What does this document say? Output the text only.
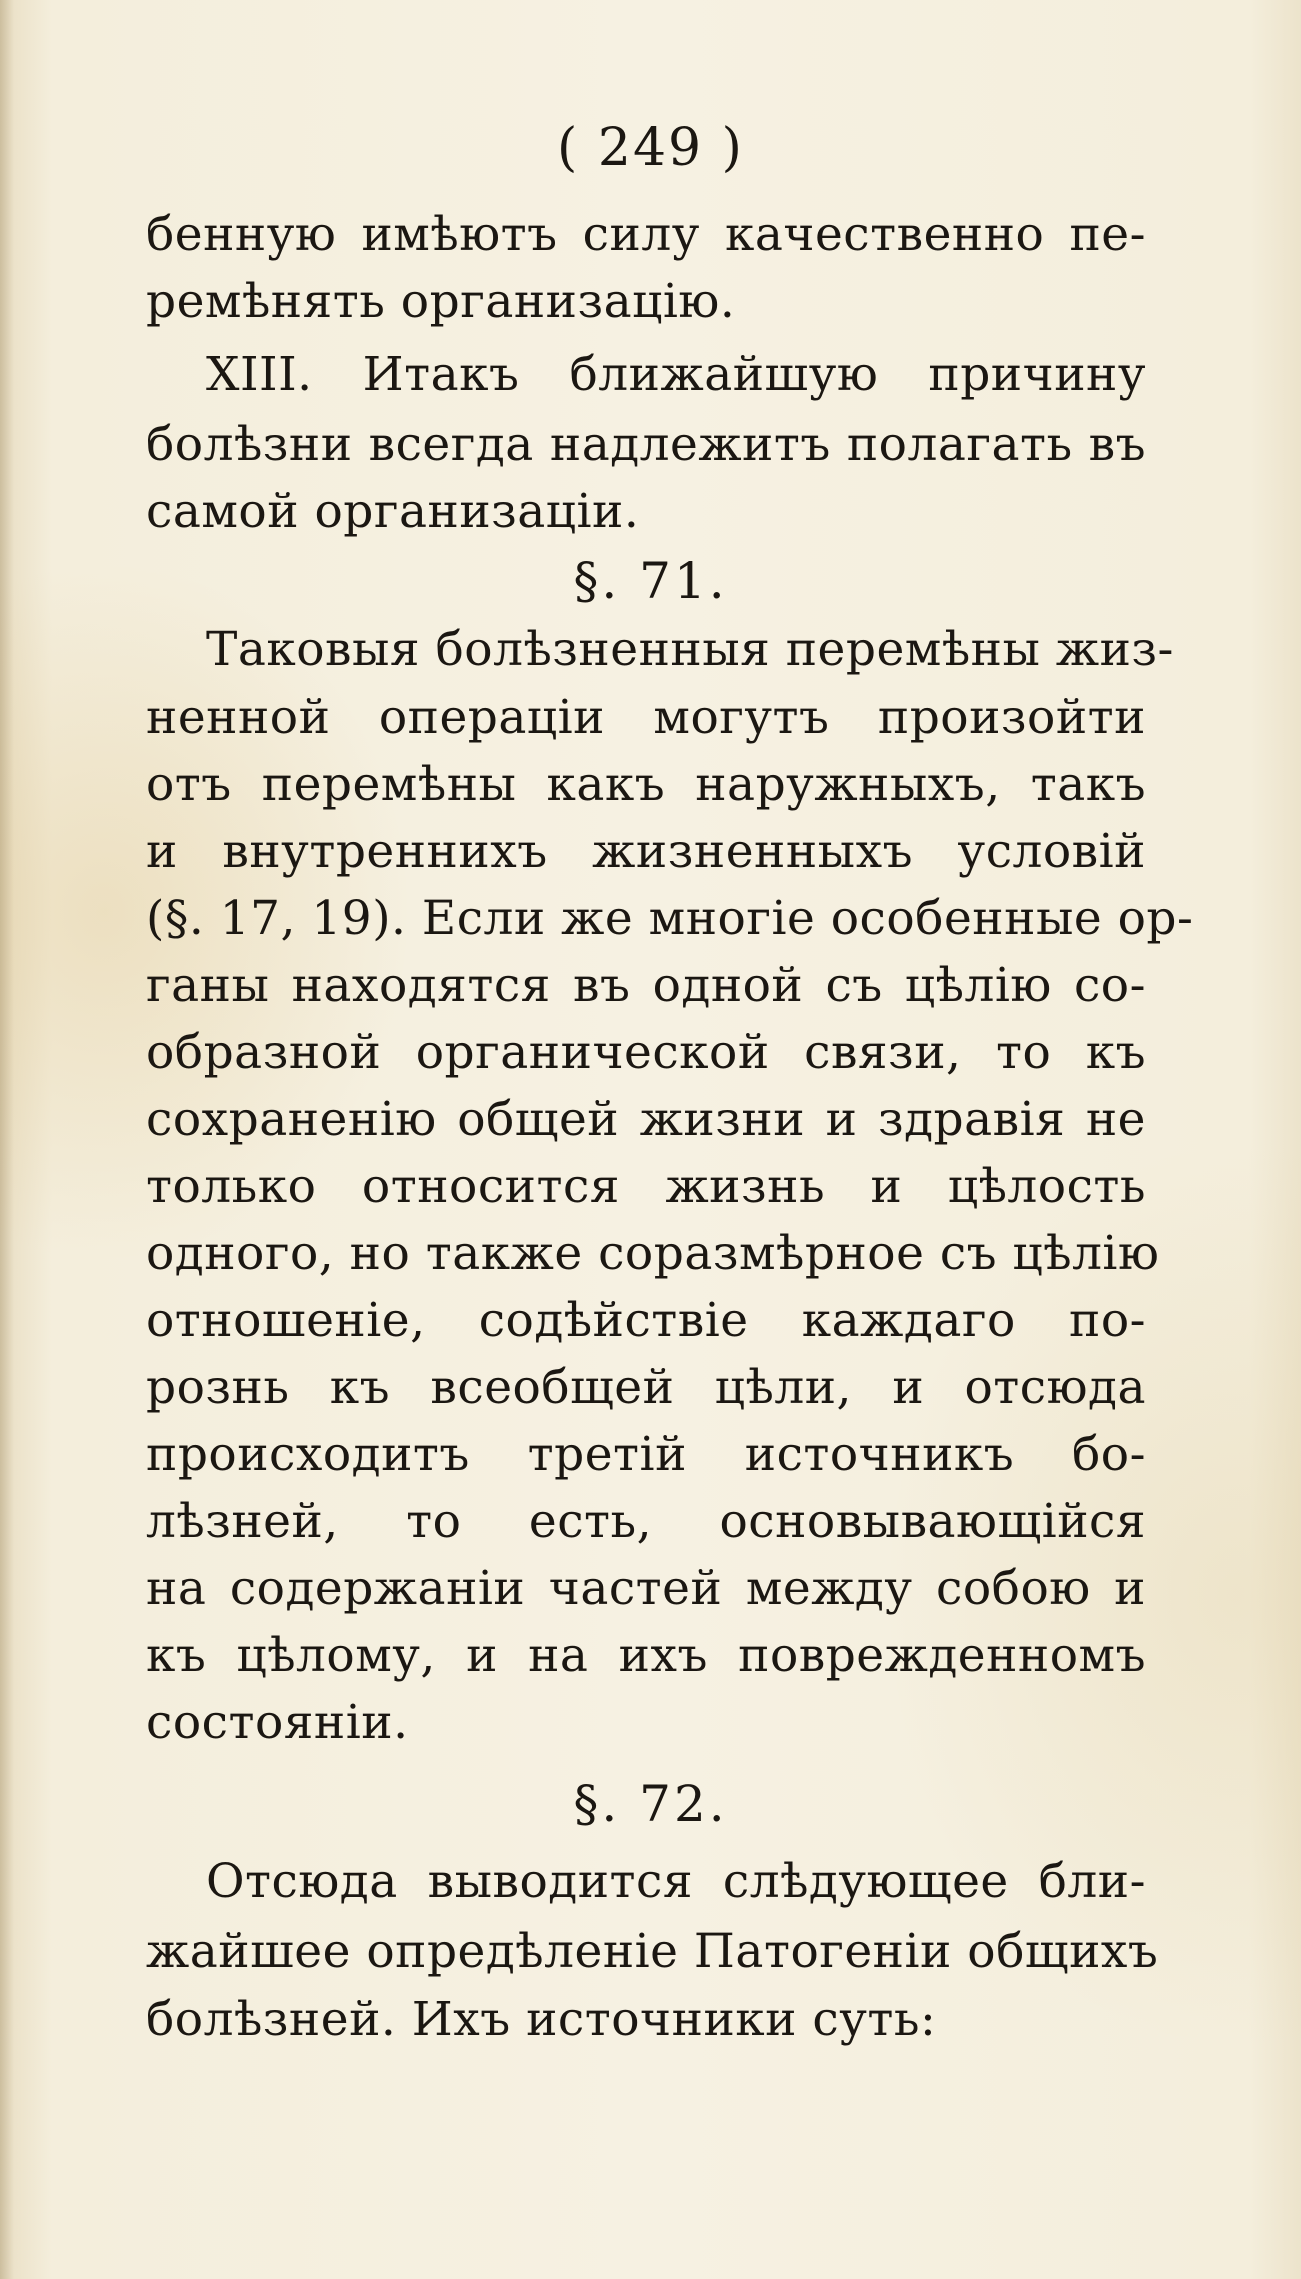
( 249 )
бенную имѣютъ силу качественно пе-
ремѣнять организацію.
XIII. Итакъ ближайшую причину
болѣзни всегда надлежитъ полагать въ
самой организаціи.
§. 71.
Таковыя болѣзненныя перемѣны жиз-
ненной операціи могутъ произойти
отъ перемѣны какъ наружныхъ, такъ
и внутреннихъ жизненныхъ условій
(§. 17, 19). Если же многіе особенные ор-
ганы находятся въ одной съ цѣлію со-
образной органической связи, то къ
сохраненію общей жизни и здравія не
только относится жизнь и цѣлость
одного, но также соразмѣрное съ цѣлію
отношеніе, содѣйствіе каждаго по-
рознь къ всеобщей цѣли, и отсюда
происходитъ третій источникъ бо-
лѣзней, то есть, основывающійся
на содержаніи частей между собою и
къ цѣлому, и на ихъ поврежденномъ
состояніи.
§. 72.
Отсюда выводится слѣдующее бли-
жайшее опредѣленіе Патогеніи общихъ
болѣзней. Ихъ источники суть:
